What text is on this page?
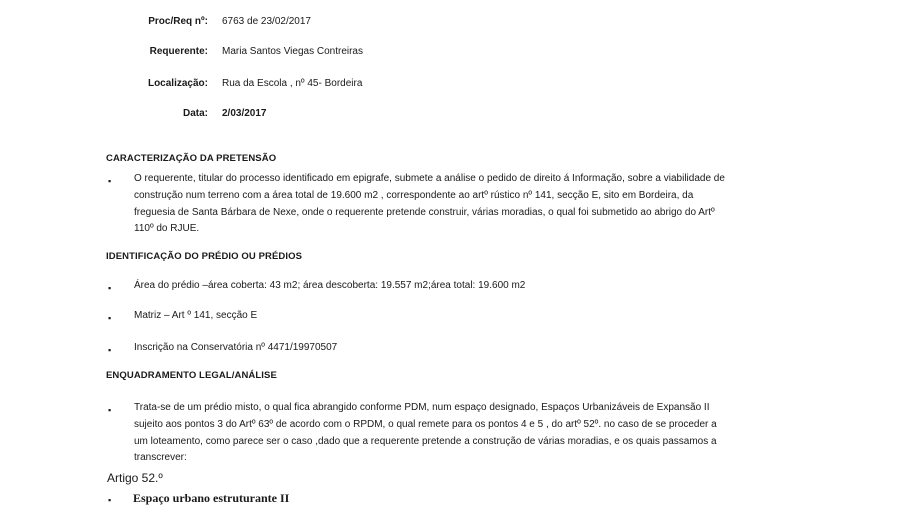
Proc/Req nº: 6763 de 23/02/2017
Requerente: Maria Santos Viegas Contreiras
Localização: Rua da Escola , nº 45- Bordeira
Data: 2/03/2017
CARACTERIZAÇÃO DA PRETENSÃO
▪ O requerente, titular do processo identificado em epigrafe, submete a análise o pedido de direito á Informação, sobre a viabilidade de
construção num terreno com a área total de 19.600 m2 , correspondente ao artº rústico nº 141, secção E, sito em Bordeira, da
freguesia de Santa Bárbara de Nexe, onde o requerente pretende construir, várias moradias, o qual foi submetido ao abrigo do Artº
110º do RJUE.
IDENTIFICAÇÃO DO PRÉDIO OU PRÉDIOS
▪ Área do prédio –área coberta: 43 m2; área descoberta: 19.557 m2;área total: 19.600 m2
▪ Matriz – Art º 141, secção E
▪ Inscrição na Conservatória nº 4471/19970507
ENQUADRAMENTO LEGAL/ANÁLISE
▪ Trata-se de um prédio misto, o qual fica abrangido conforme PDM, num espaço designado, Espaços Urbanizáveis de Expansão II
sujeito aos pontos 3 do Artº 63º de acordo com o RPDM, o qual remete para os pontos 4 e 5 , do artº 52º. no caso de se proceder a
um loteamento, como parece ser o caso ,dado que a requerente pretende a construção de várias moradias, e os quais passamos a
transcrever:
Artigo 52.º
▪ Espaço urbano estruturante II
